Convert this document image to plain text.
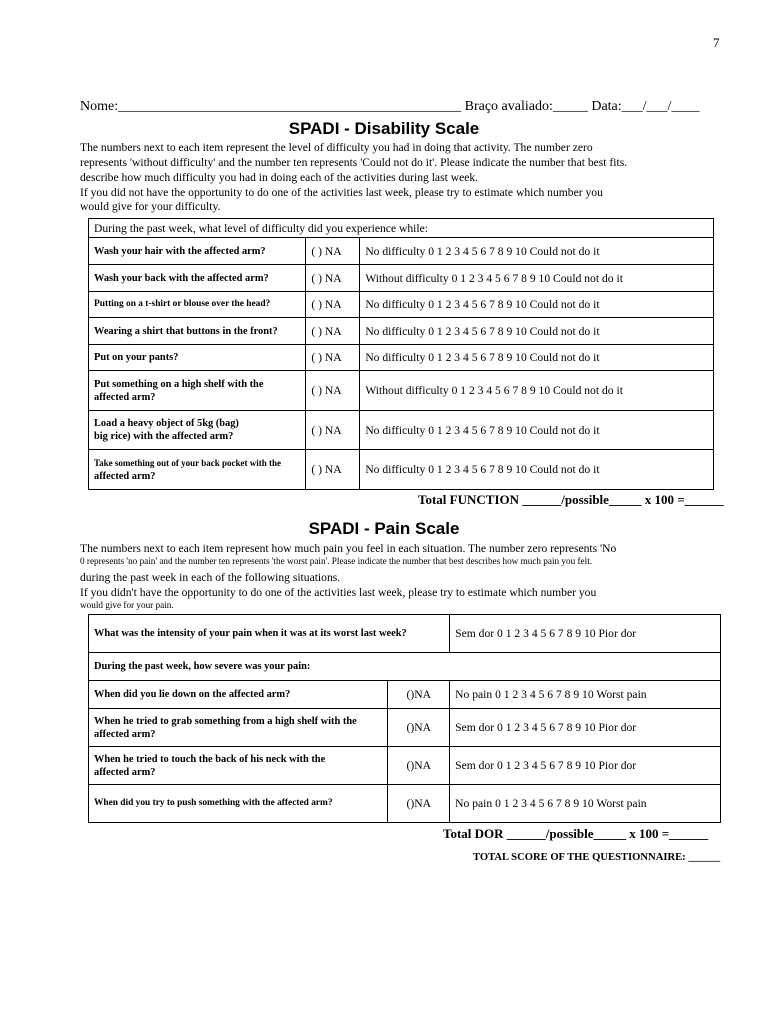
7
Nome:_________________________________________________ Braço avaliado:_____ Data:___/___/____
SPADI - Disability Scale
The numbers next to each item represent the level of difficulty you had in doing that activity. The number zero
represents 'without difficulty' and the number ten represents 'Could not do it'. Please indicate the number that best fits.
describe how much difficulty you had in doing each of the activities during last week.
If you did not have the opportunity to do one of the activities last week, please try to estimate which number you
would give for your difficulty.
During the past week, what level of difficulty did you experience while:		
Wash your hair with the affected arm?	( ) NA	No difficulty 0 1 2 3 4 5 6 7 8 9 10 Could not do it
Wash your back with the affected arm?	( ) NA	Without difficulty 0 1 2 3 4 5 6 7 8 9 10 Could not do it
Putting on a t-shirt or blouse over the head?	( ) NA	No difficulty 0 1 2 3 4 5 6 7 8 9 10 Could not do it
Wearing a shirt that buttons in the front?	( ) NA	No difficulty 0 1 2 3 4 5 6 7 8 9 10 Could not do it
Put on your pants?	( ) NA	No difficulty 0 1 2 3 4 5 6 7 8 9 10 Could not do it
Put something on a high shelf with the
affected arm?	( ) NA	Without difficulty 0 1 2 3 4 5 6 7 8 9 10 Could not do it
Load a heavy object of 5kg (bag)
big rice) with the affected arm?	( ) NA	No difficulty 0 1 2 3 4 5 6 7 8 9 10 Could not do it
Take something out of your back pocket with the
affected arm?	( ) NA	No difficulty 0 1 2 3 4 5 6 7 8 9 10 Could not do it
Total FUNCTION ______/possible_____ x 100 =______
SPADI - Pain Scale
The numbers next to each item represent how much pain you feel in each situation. The number zero represents 'No
0 represents 'no pain' and the number ten represents 'the worst pain'. Please indicate the number that best describes how much pain you felt.
during the past week in each of the following situations.
If you didn't have the opportunity to do one of the activities last week, please try to estimate which number you
would give for your pain.
What was the intensity of your pain when it was at its worst last week?		Sem dor 0 1 2 3 4 5 6 7 8 9 10 Pior dor
During the past week, how severe was your pain:		
When did you lie down on the affected arm?	()NA	No pain 0 1 2 3 4 5 6 7 8 9 10 Worst pain
When he tried to grab something from a high shelf with the
affected arm?	()NA	Sem dor 0 1 2 3 4 5 6 7 8 9 10 Pior dor
When he tried to touch the back of his neck with the
affected arm?	()NA	Sem dor 0 1 2 3 4 5 6 7 8 9 10 Pior dor
When did you try to push something with the affected arm?	()NA	No pain 0 1 2 3 4 5 6 7 8 9 10 Worst pain
Total DOR ______/possible_____ x 100 =______
TOTAL SCORE OF THE QUESTIONNAIRE: ______
